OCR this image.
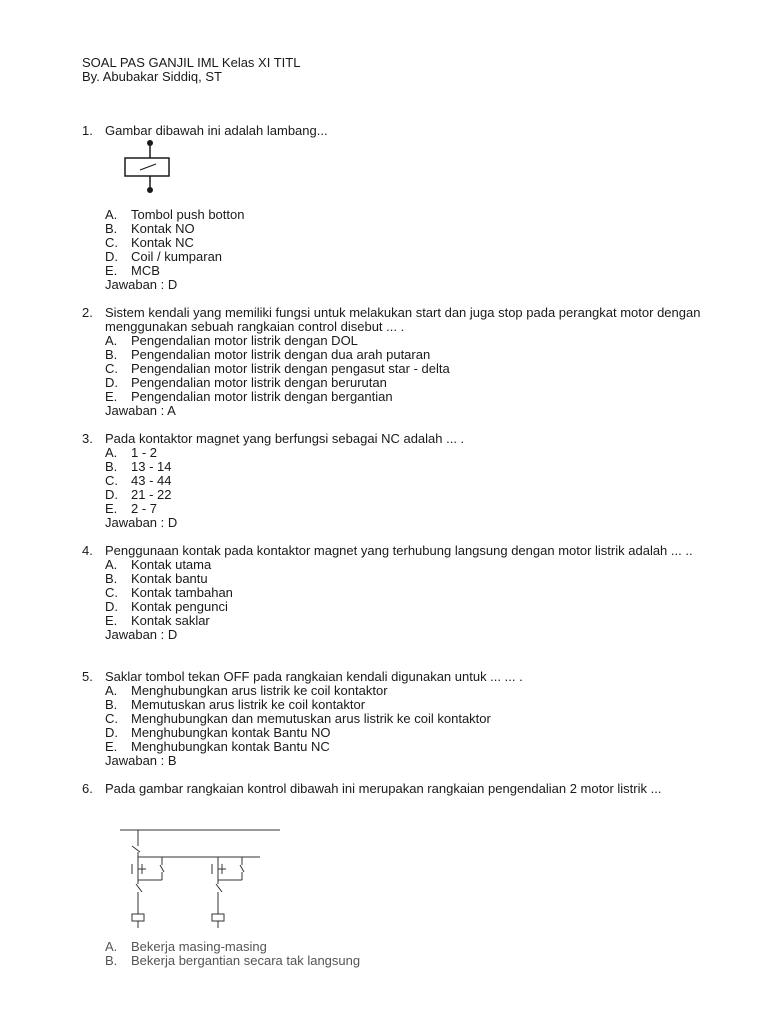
SOAL PAS GANJIL IML Kelas XI TITL
By. Abubakar Siddiq, ST
1. Gambar dibawah ini adalah lambang...
A.	Tombol push botton
B.	Kontak NO
C.	Kontak NC
D.	Coil / kumparan
E.	MCB
Jawaban : D
2. Sistem kendali yang memiliki fungsi untuk melakukan start dan juga stop pada perangkat motor dengan menggunakan sebuah rangkaian control disebut ... .
A.	Pengendalian motor listrik dengan DOL
B.	Pengendalian motor listrik dengan dua arah putaran
C.	Pengendalian motor listrik dengan pengasut star - delta
D.	Pengendalian motor listrik dengan berurutan
E.	Pengendalian motor listrik dengan bergantian
Jawaban : A
3. Pada kontaktor magnet yang berfungsi sebagai NC adalah ... .
A.	1 - 2
B.	13 - 14
C.	43 - 44
D.	21 - 22
E.	2 - 7
Jawaban : D
4. Penggunaan kontak pada kontaktor magnet yang terhubung langsung dengan motor listrik adalah ... ..
A.	Kontak utama
B.	Kontak bantu
C.	Kontak tambahan
D.	Kontak pengunci
E.	Kontak saklar
Jawaban : D
5. Saklar tombol tekan OFF pada rangkaian kendali digunakan untuk ... ... .
A.	Menghubungkan arus listrik ke coil kontaktor
B.	Memutuskan arus listrik ke coil kontaktor
C.	Menghubungkan dan memutuskan arus listrik ke coil kontaktor
D.	Menghubungkan kontak Bantu NO
E.	Menghubungkan kontak Bantu NC
Jawaban : B
6. Pada gambar rangkaian kontrol dibawah ini merupakan rangkaian pengendalian 2 motor listrik ...
A.	Bekerja masing-masing
B.	Bekerja bergantian secara tak langsung
